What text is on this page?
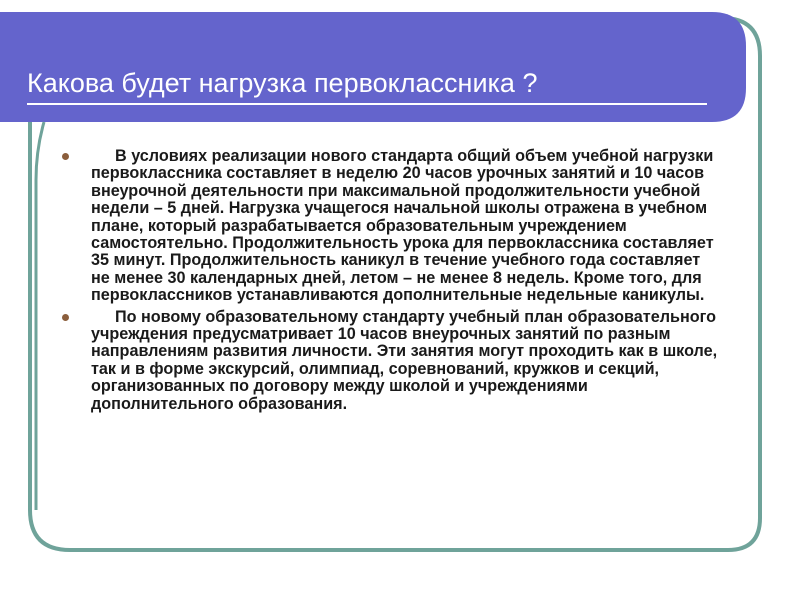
Какова будет нагрузка первоклассника ?

В условиях реализации нового стандарта общий объем учебной нагрузки первоклассника составляет в неделю 20 часов урочных занятий и 10 часов внеурочной деятельности при максимальной продолжительности учебной недели – 5 дней. Нагрузка учащегося начальной школы отражена в учебном плане, который разрабатывается образовательным учреждением самостоятельно. Продолжительность урока для первоклассника составляет 35 минут. Продолжительность каникул в течение учебного года составляет не менее 30 календарных дней, летом – не менее 8 недель. Кроме того, для первоклассников устанавливаются дополнительные недельные каникулы.

По новому образовательному стандарту учебный план образовательного учреждения предусматривает 10 часов внеурочных занятий по разным направлениям развития личности. Эти занятия могут проходить как в школе, так и в форме экскурсий, олимпиад, соревнований, кружков и секций, организованных по договору между школой и учреждениями дополнительного образования.
